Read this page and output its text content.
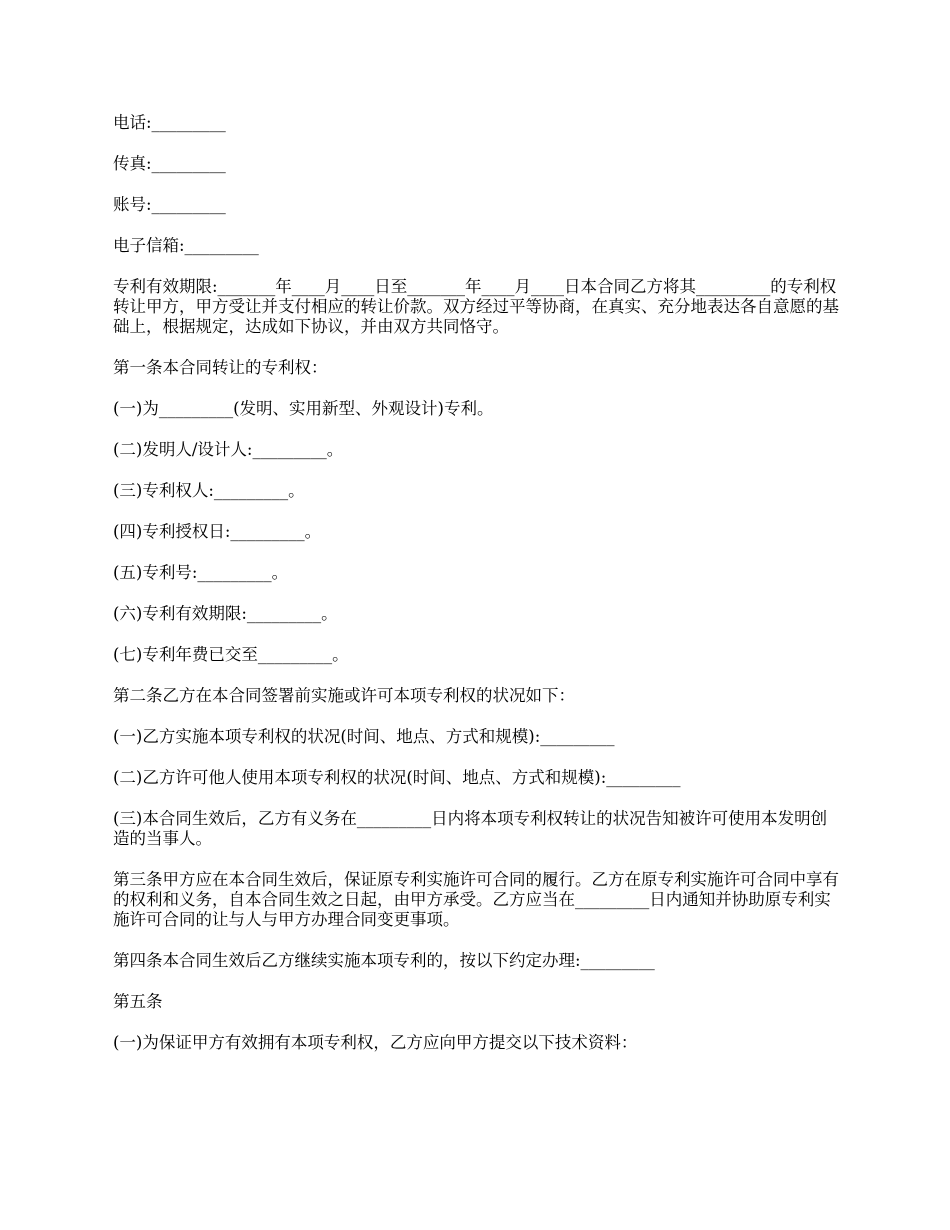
电话:_________

传真:_________

账号:_________

电子信箱:_________

专利有效期限:_______年____月____日至_______年____月____日本合同乙方将其_________的专利权转让甲方，甲方受让并支付相应的转让价款。双方经过平等协商，在真实、充分地表达各自意愿的基础上，根据规定，达成如下协议，并由双方共同恪守。

第一条本合同转让的专利权：

(一)为_________(发明、实用新型、外观设计)专利。

(二)发明人/设计人:_________。

(三)专利权人:_________。

(四)专利授权日:_________。

(五)专利号:_________。

(六)专利有效期限:_________。

(七)专利年费已交至_________。

第二条乙方在本合同签署前实施或许可本项专利权的状况如下：

(一)乙方实施本项专利权的状况(时间、地点、方式和规模):_________

(二)乙方许可他人使用本项专利权的状况(时间、地点、方式和规模):_________

(三)本合同生效后，乙方有义务在_________日内将本项专利权转让的状况告知被许可使用本发明创造的当事人。

第三条甲方应在本合同生效后，保证原专利实施许可合同的履行。乙方在原专利实施许可合同中享有的权利和义务，自本合同生效之日起，由甲方承受。乙方应当在_________日内通知并协助原专利实施许可合同的让与人与甲方办理合同变更事项。

第四条本合同生效后乙方继续实施本项专利的，按以下约定办理:_________

第五条

(一)为保证甲方有效拥有本项专利权，乙方应向甲方提交以下技术资料：
